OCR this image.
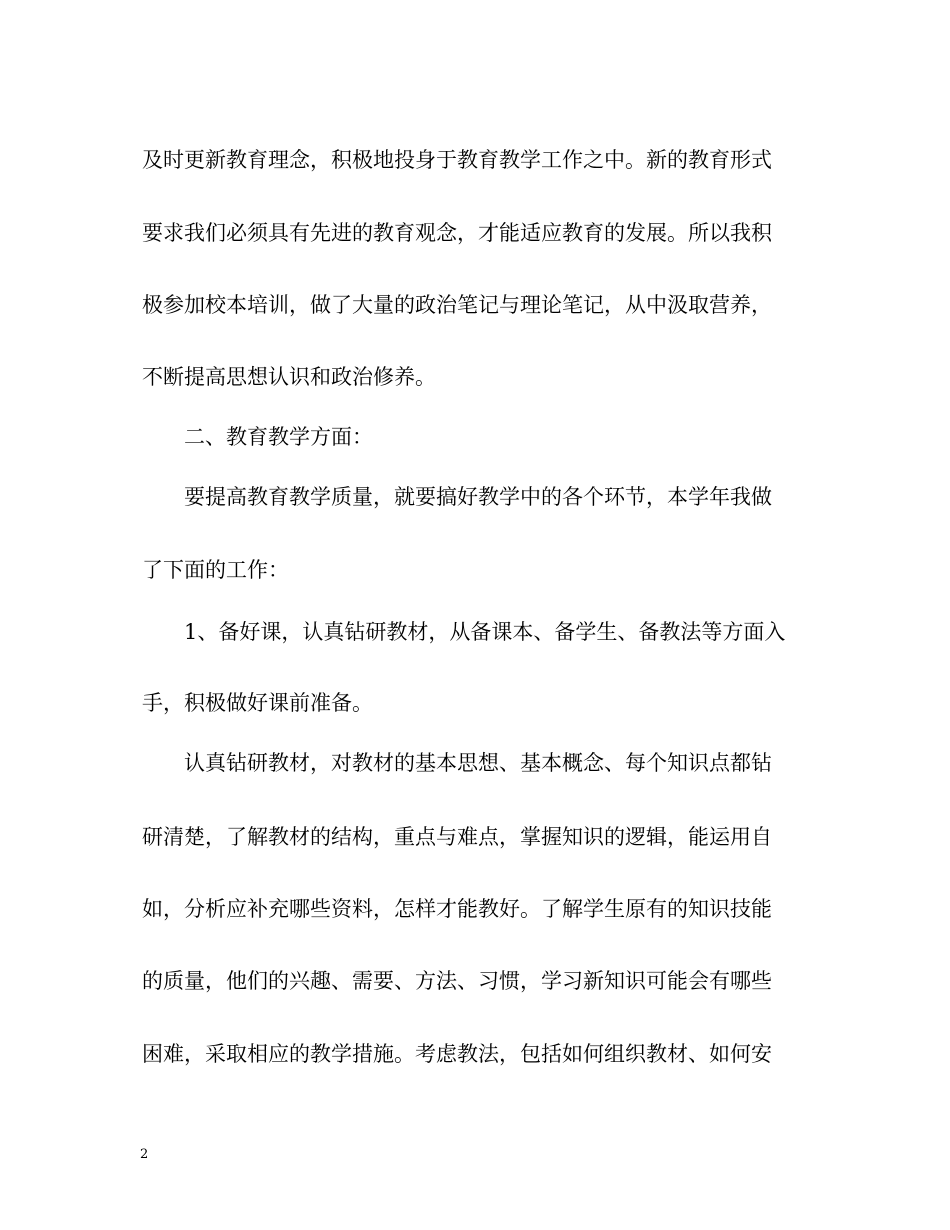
及时更新教育理念，积极地投身于教育教学工作之中。新的教育形式
要求我们必须具有先进的教育观念，才能适应教育的发展。所以我积
极参加校本培训，做了大量的政治笔记与理论笔记，从中汲取营养，
不断提高思想认识和政治修养。
二、教育教学方面：
要提高教育教学质量，就要搞好教学中的各个环节，本学年我做
了下面的工作：
1、备好课，认真钻研教材，从备课本、备学生、备教法等方面入
手，积极做好课前准备。
认真钻研教材，对教材的基本思想、基本概念、每个知识点都钻
研清楚，了解教材的结构，重点与难点，掌握知识的逻辑，能运用自
如，分析应补充哪些资料，怎样才能教好。了解学生原有的知识技能
的质量，他们的兴趣、需要、方法、习惯，学习新知识可能会有哪些
困难，采取相应的教学措施。考虑教法，包括如何组织教材、如何安
2
